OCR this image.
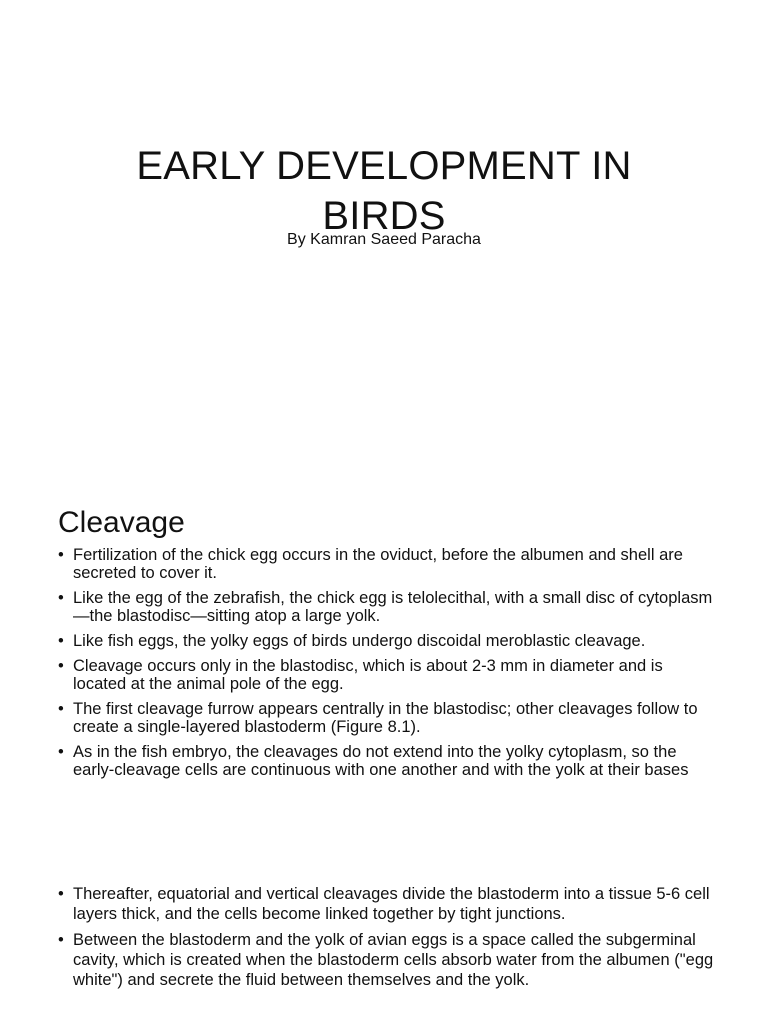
EARLY DEVELOPMENT IN
BIRDS
By Kamran Saeed Paracha
Cleavage
• Fertilization of the chick egg occurs in the oviduct, before the albumen and shell are secreted to cover it.
• Like the egg of the zebrafish, the chick egg is telolecithal, with a small disc of cytoplasm—the blastodisc—sitting atop a large yolk.
• Like fish eggs, the yolky eggs of birds undergo discoidal meroblastic cleavage.
• Cleavage occurs only in the blastodisc, which is about 2-3 mm in diameter and is located at the animal pole of the egg.
• The first cleavage furrow appears centrally in the blastodisc; other cleavages follow to create a single-layered blastoderm (Figure 8.1).
• As in the fish embryo, the cleavages do not extend into the yolky cytoplasm, so the early-cleavage cells are continuous with one another and with the yolk at their bases
• Thereafter, equatorial and vertical cleavages divide the blastoderm into a tissue 5-6 cell layers thick, and the cells become linked together by tight junctions.
• Between the blastoderm and the yolk of avian eggs is a space called the subgerminal cavity, which is created when the blastoderm cells absorb water from the albumen ("egg white") and secrete the fluid between themselves and the yolk.
